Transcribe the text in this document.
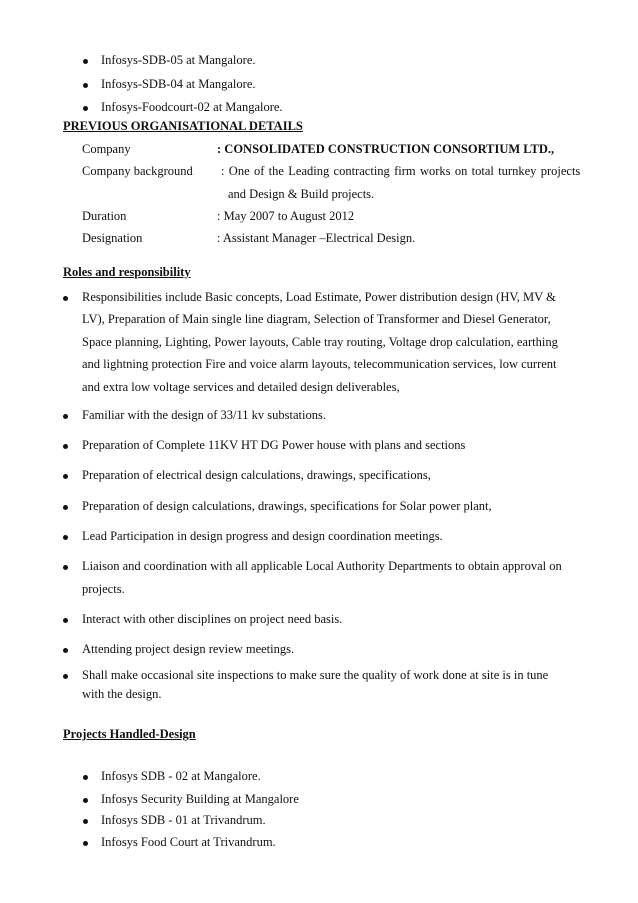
Infosys-SDB-05 at Mangalore.
Infosys-SDB-04 at Mangalore.
Infosys-Foodcourt-02 at Mangalore.
PREVIOUS ORGANISATIONAL DETAILS
Company	: CONSOLIDATED CONSTRUCTION CONSORTIUM LTD.,
Company background : One of the Leading contracting firm works on total turnkey projects
and Design & Build projects.
Duration	: May 2007 to August 2012
Designation	: Assistant Manager –Electrical Design.
Roles and responsibility
Responsibilities include Basic concepts, Load Estimate, Power distribution design (HV, MV &
LV), Preparation of Main single line diagram, Selection of Transformer and Diesel Generator,
Space planning, Lighting, Power layouts, Cable tray routing, Voltage drop calculation, earthing
and lightning protection Fire and voice alarm layouts, telecommunication services, low current
and extra low voltage services and detailed design deliverables,
Familiar with the design of 33/11 kv substations.
Preparation of Complete 11KV HT DG Power house with plans and sections
Preparation of electrical design calculations, drawings, specifications,
Preparation of design calculations, drawings, specifications for Solar power plant,
Lead Participation in design progress and design coordination meetings.
Liaison and coordination with all applicable Local Authority Departments to obtain approval on
projects.
Interact with other disciplines on project need basis.
Attending project design review meetings.
Shall make occasional site inspections to make sure the quality of work done at site is in tune
with the design.
Projects Handled-Design
Infosys SDB - 02 at Mangalore.
Infosys Security Building at Mangalore
Infosys SDB - 01 at Trivandrum.
Infosys Food Court at Trivandrum.
